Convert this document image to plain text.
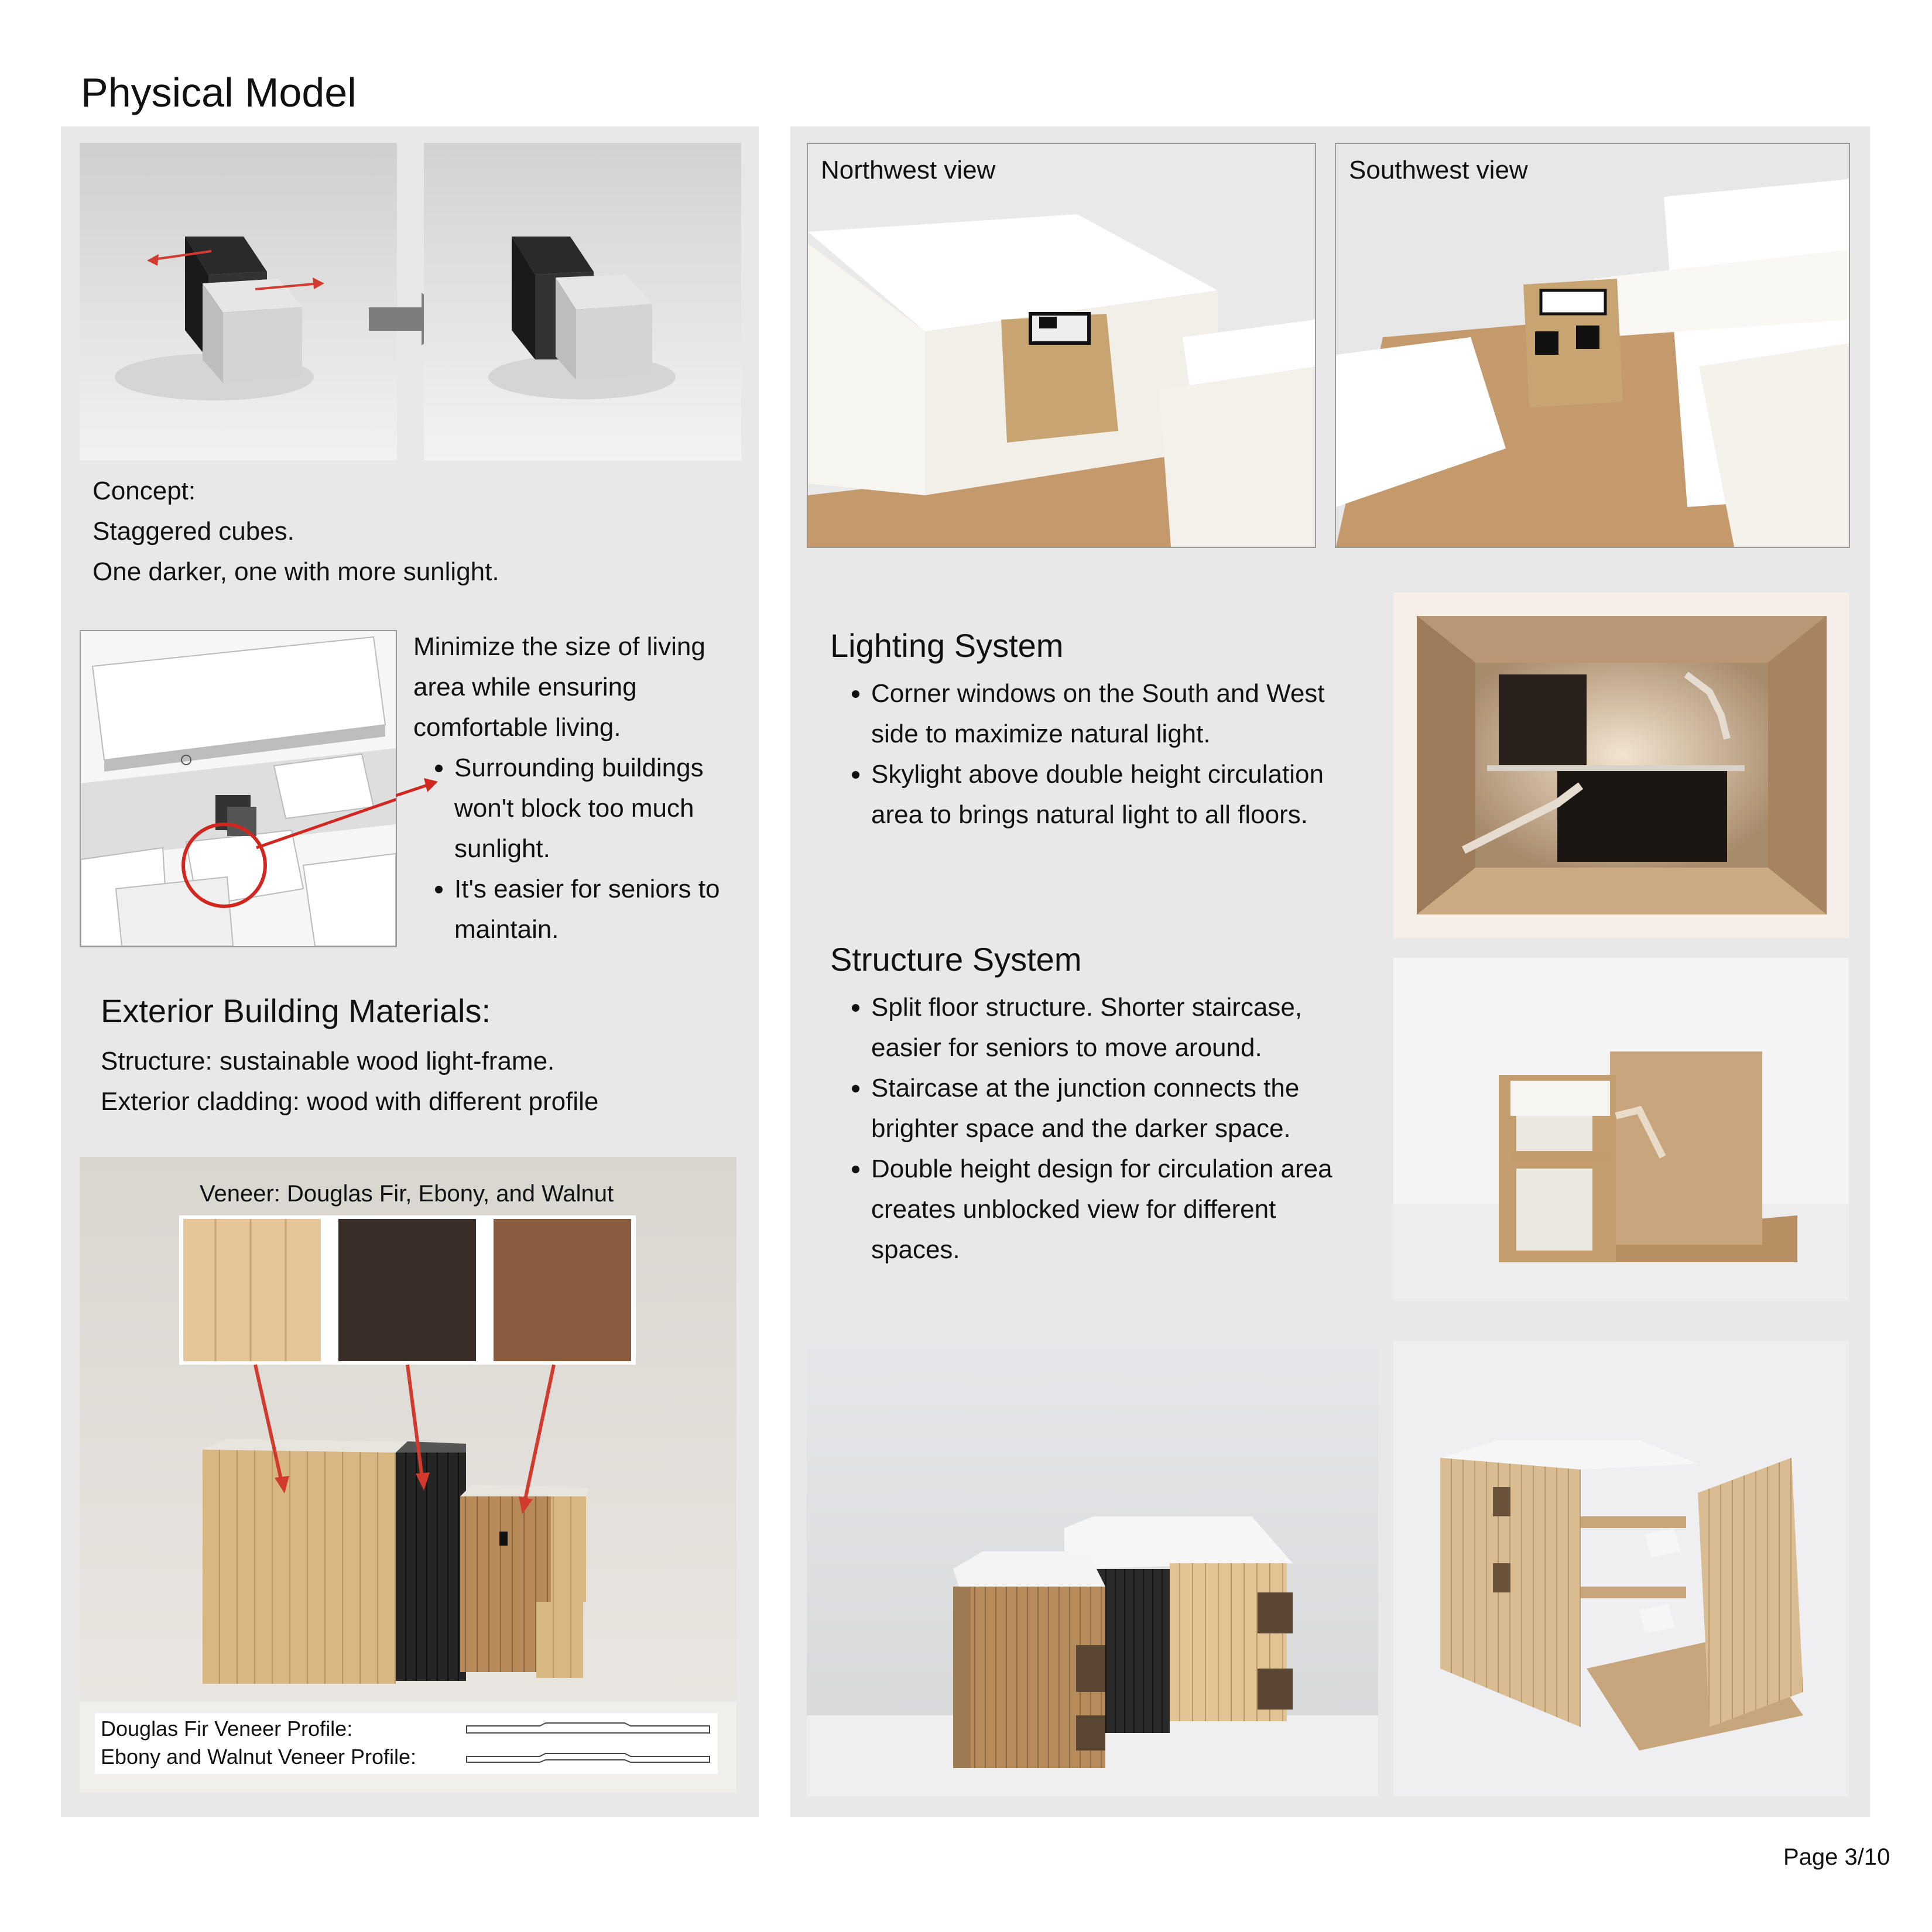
Physical Model
Concept:
Staggered cubes.
One darker, one with more sunlight.
Minimize the size of living area while ensuring comfortable living.
• Surrounding buildings won't block too much sunlight.
• It's easier for seniors to maintain.
Exterior Building Materials:
Structure: sustainable wood light-frame.
Exterior cladding: wood with different profile
Veneer: Douglas Fir, Ebony, and Walnut
Douglas Fir Veneer Profile:
Ebony and Walnut Veneer Profile:
Northwest view	Southwest view
Lighting System
• Corner windows on the South and West side to maximize natural light.
• Skylight above double height circulation area to brings natural light to all floors.
Structure System
• Split floor structure. Shorter staircase, easier for seniors to move around.
• Staircase at the junction connects the brighter space and the darker space.
• Double height design for circulation area creates unblocked view for different spaces.
Page 3/10
